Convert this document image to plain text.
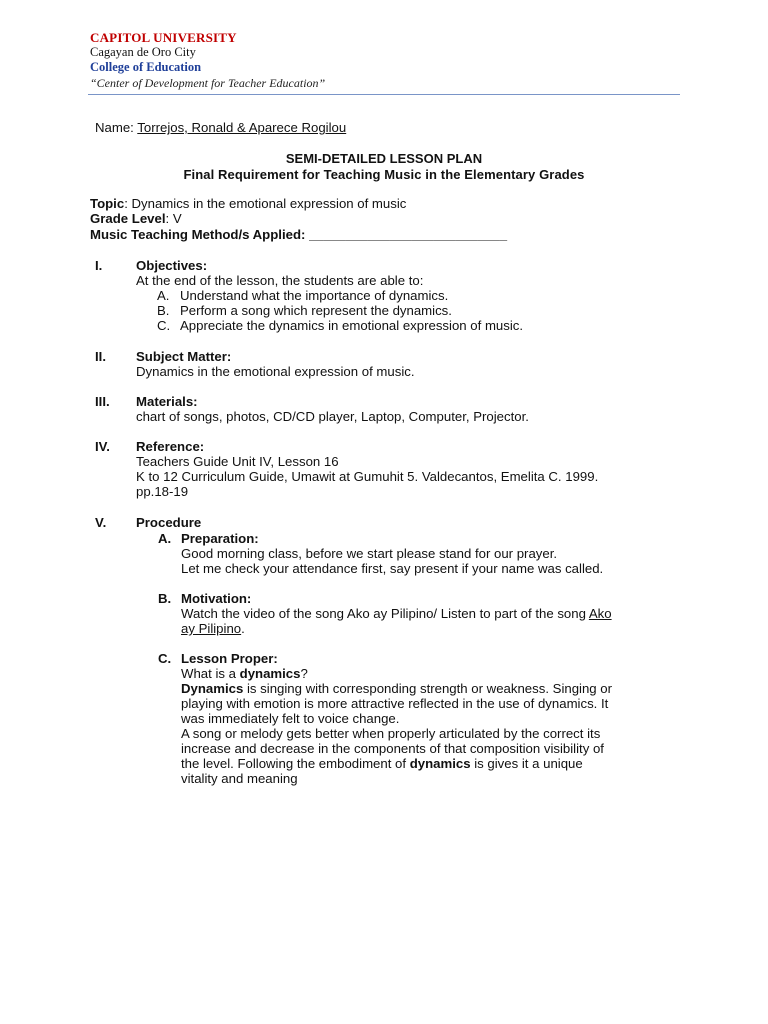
CAPITOL UNIVERSITY
Cagayan de Oro City
College of Education
“Center of Development for Teacher Education”
Name: Torrejos, Ronald & Aparece Rogilou
SEMI-DETAILED LESSON PLAN
Final Requirement for Teaching Music in the Elementary Grades
Topic: Dynamics in the emotional expression of music
Grade Level: V
Music Teaching Method/s Applied: ___________________________
I.	Objectives:
At the end of the lesson, the students are able to:
A. Understand what the importance of dynamics.
B. Perform a song which represent the dynamics.
C. Appreciate the dynamics in emotional expression of music.
II. Subject Matter:
Dynamics in the emotional expression of music.
III. Materials:
chart of songs, photos, CD/CD player, Laptop, Computer, Projector.
IV. Reference:
Teachers Guide Unit IV, Lesson 16
K to 12 Curriculum Guide, Umawit at Gumuhit 5. Valdecantos, Emelita C. 1999.
pp.18-19
V. Procedure
A. Preparation:
Good morning class, before we start please stand for our prayer.
Let me check your attendance first, say present if your name was called.
B. Motivation:
Watch the video of the song Ako ay Pilipino/ Listen to part of the song Ako
ay Pilipino.
C. Lesson Proper:
What is a dynamics?
Dynamics is singing with corresponding strength or weakness. Singing or
playing with emotion is more attractive reflected in the use of dynamics. It
was immediately felt to voice change.
A song or melody gets better when properly articulated by the correct its
increase and decrease in the components of that composition visibility of
the level. Following the embodiment of dynamics is gives it a unique
vitality and meaning
